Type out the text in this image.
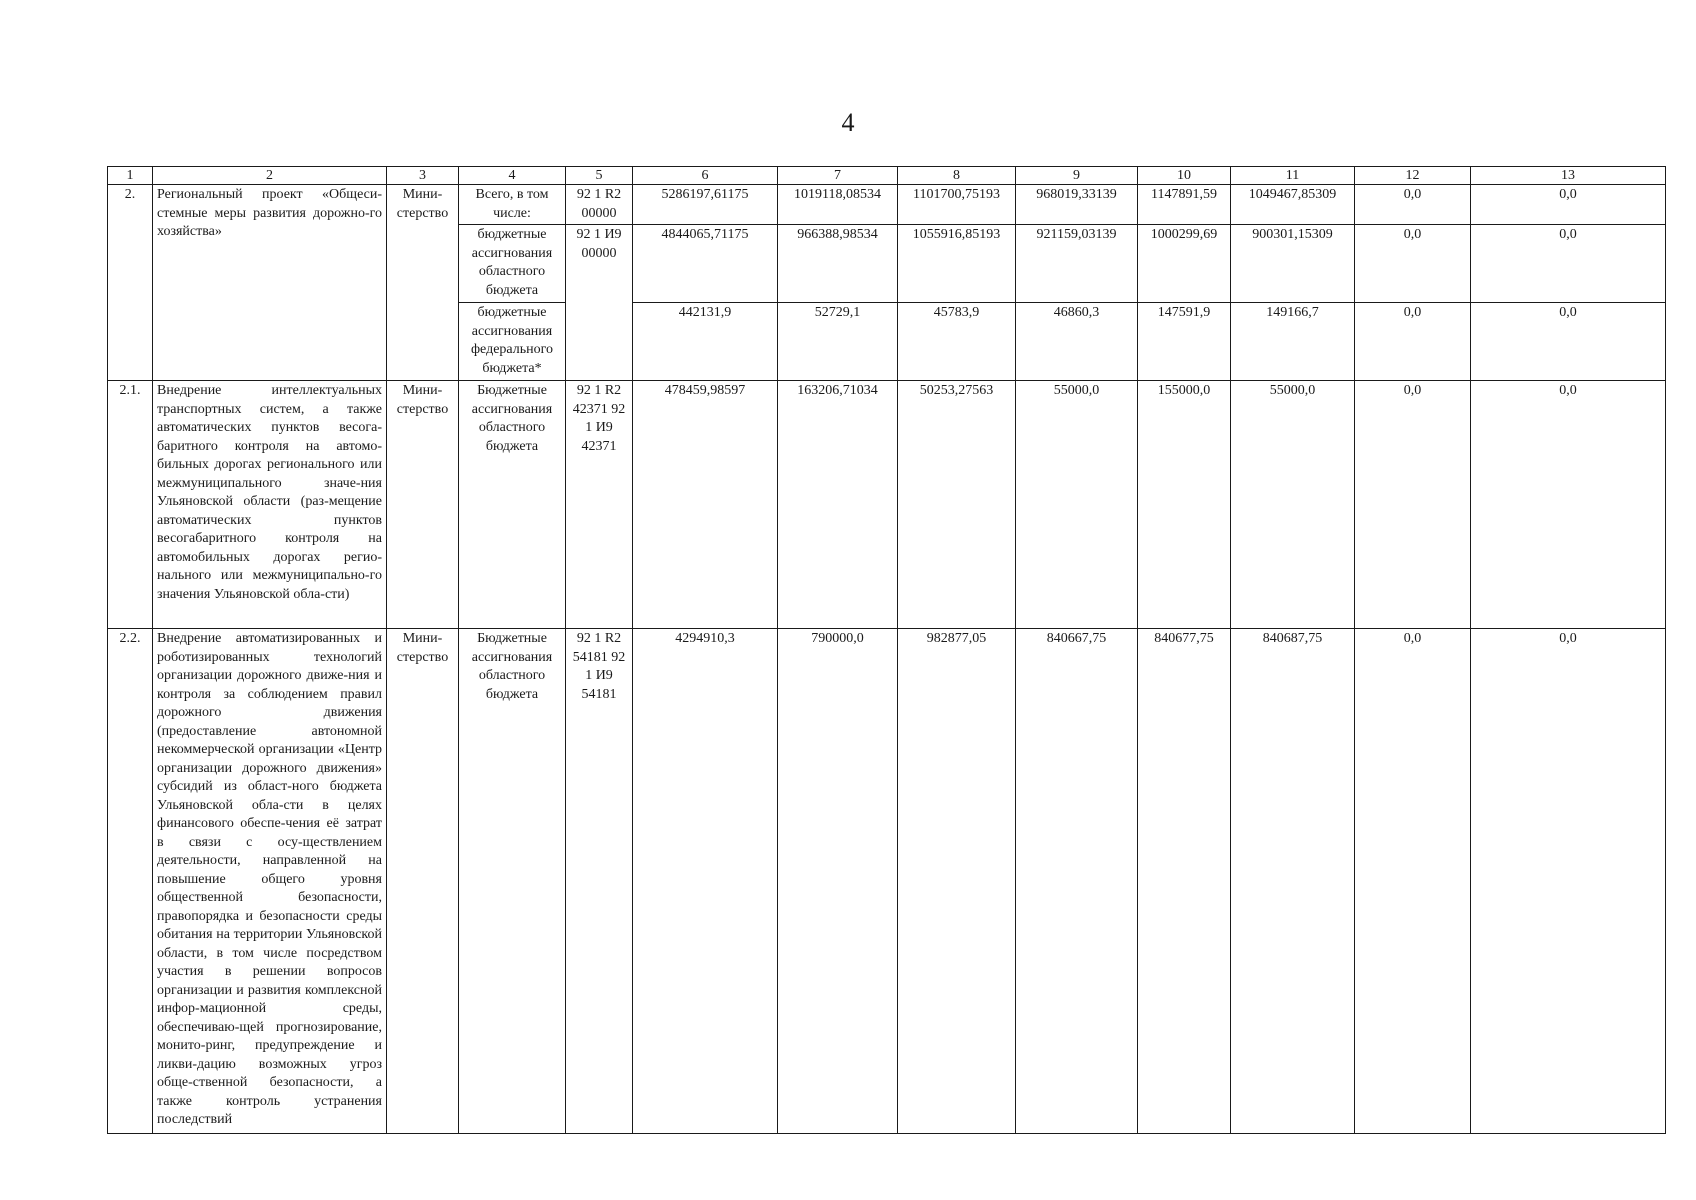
4
1	2	3	4	5	6	7	8	9	10	11	12	13
2.	Региональный проект «Общеси-стемные меры развития дорожно-го хозяйства»	Мини-стерство	Всего, в том числе:	92 1 R2 00000	5286197,61175	1019118,08534	1101700,75193	968019,33139	1147891,59	1049467,85309	0,0	0,0
			бюджетные ассигнования областного бюджета	92 1 И9 00000	4844065,71175	966388,98534	1055916,85193	921159,03139	1000299,69	900301,15309	0,0	0,0
			бюджетные ассигнования федерального бюджета*		442131,9	52729,1	45783,9	46860,3	147591,9	149166,7	0,0	0,0
2.1.	Внедрение интеллектуальных транспортных систем, а также автоматических пунктов весога-баритного контроля на автомо-бильных дорогах регионального или межмуниципального значе-ния Ульяновской области (раз-мещение автоматических пунктов весогабаритного контроля на автомобильных дорогах регио-нального или межмуниципально-го значения Ульяновской обла-сти)	Мини-стерство	Бюджетные ассигнования областного бюджета	92 1 R2 42371 92 1 И9 42371	478459,98597	163206,71034	50253,27563	55000,0	155000,0	55000,0	0,0	0,0
2.2.	Внедрение автоматизированных и роботизированных технологий организации дорожного движе-ния и контроля за соблюдением правил дорожного движения (предоставление автономной некоммерческой организации «Центр организации дорожного движения» субсидий из област-ного бюджета Ульяновской обла-сти в целях финансового обеспе-чения её затрат в связи с осу-ществлением деятельности, направленной на повышение общего уровня общественной безопасности, правопорядка и безопасности среды обитания на территории Ульяновской области, в том числе посредством участия в решении вопросов организации и развития комплексной инфор-мационной среды, обеспечиваю-щей прогнозирование, монито-ринг, предупреждение и ликви-дацию возможных угроз обще-ственной безопасности, а также контроль устранения последствий	Мини-стерство	Бюджетные ассигнования областного бюджета	92 1 R2 54181 92 1 И9 54181	4294910,3	790000,0	982877,05	840667,75	840677,75	840687,75	0,0	0,0
